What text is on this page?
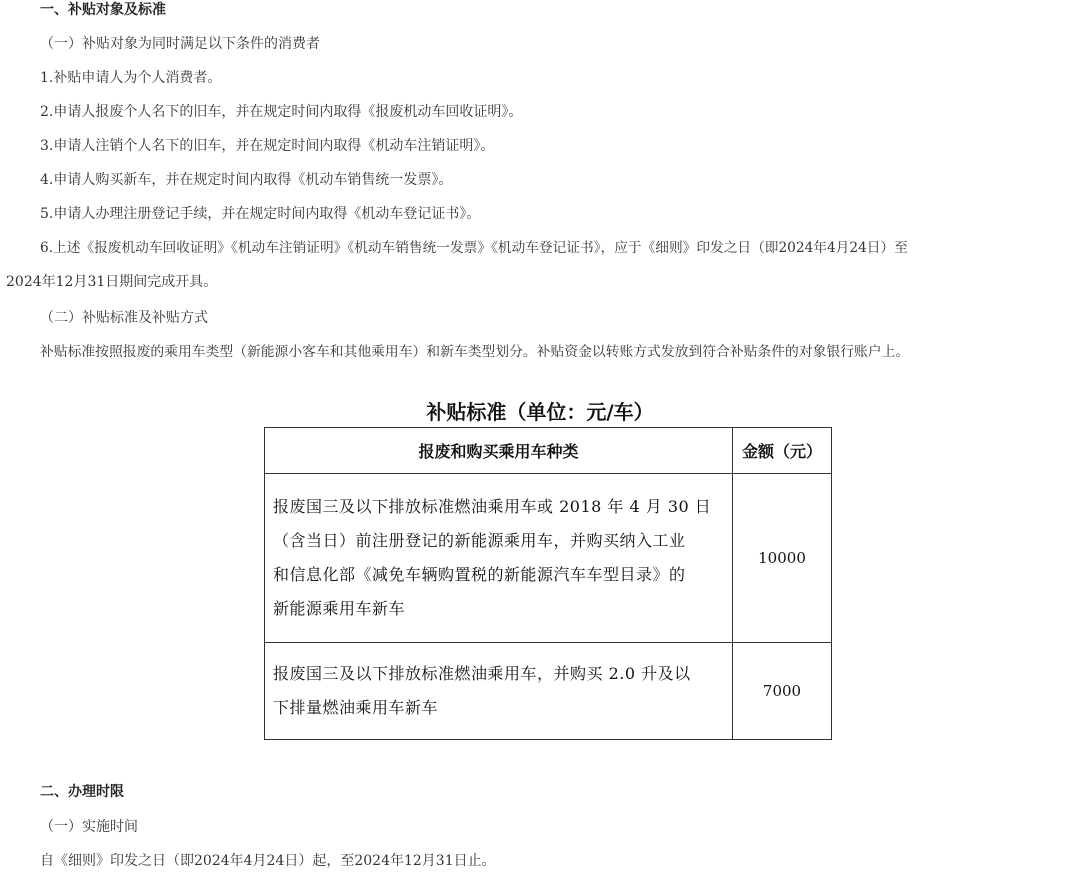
一、补贴对象及标准
（一）补贴对象为同时满足以下条件的消费者
1.补贴申请人为个人消费者。
2.申请人报废个人名下的旧车，并在规定时间内取得《报废机动车回收证明》。
3.申请人注销个人名下的旧车，并在规定时间内取得《机动车注销证明》。
4.申请人购买新车，并在规定时间内取得《机动车销售统一发票》。
5.申请人办理注册登记手续，并在规定时间内取得《机动车登记证书》。
6.上述《报废机动车回收证明》《机动车注销证明》《机动车销售统一发票》《机动车登记证书》，应于《细则》印发之日（即2024年4月24日）至
2024年12月31日期间完成开具。
（二）补贴标准及补贴方式
补贴标准按照报废的乘用车类型（新能源小客车和其他乘用车）和新车类型划分。补贴资金以转账方式发放到符合补贴条件的对象银行账户上。
补贴标准（单位：元/车）
报废和购买乘用车种类	金额（元）

报废国三及以下排放标准燃油乘用车或 2018 年 4 月 30 日
（含当日）前注册登记的新能源乘用车，并购买纳入工业
和信息化部《减免车辆购置税的新能源汽车车型目录》的
新能源乘用车新车	10000

报废国三及以下排放标准燃油乘用车，并购买 2.0 升及以
下排量燃油乘用车新车	7000
二、办理时限
（一）实施时间
自《细则》印发之日（即2024年4月24日）起，至2024年12月31日止。
